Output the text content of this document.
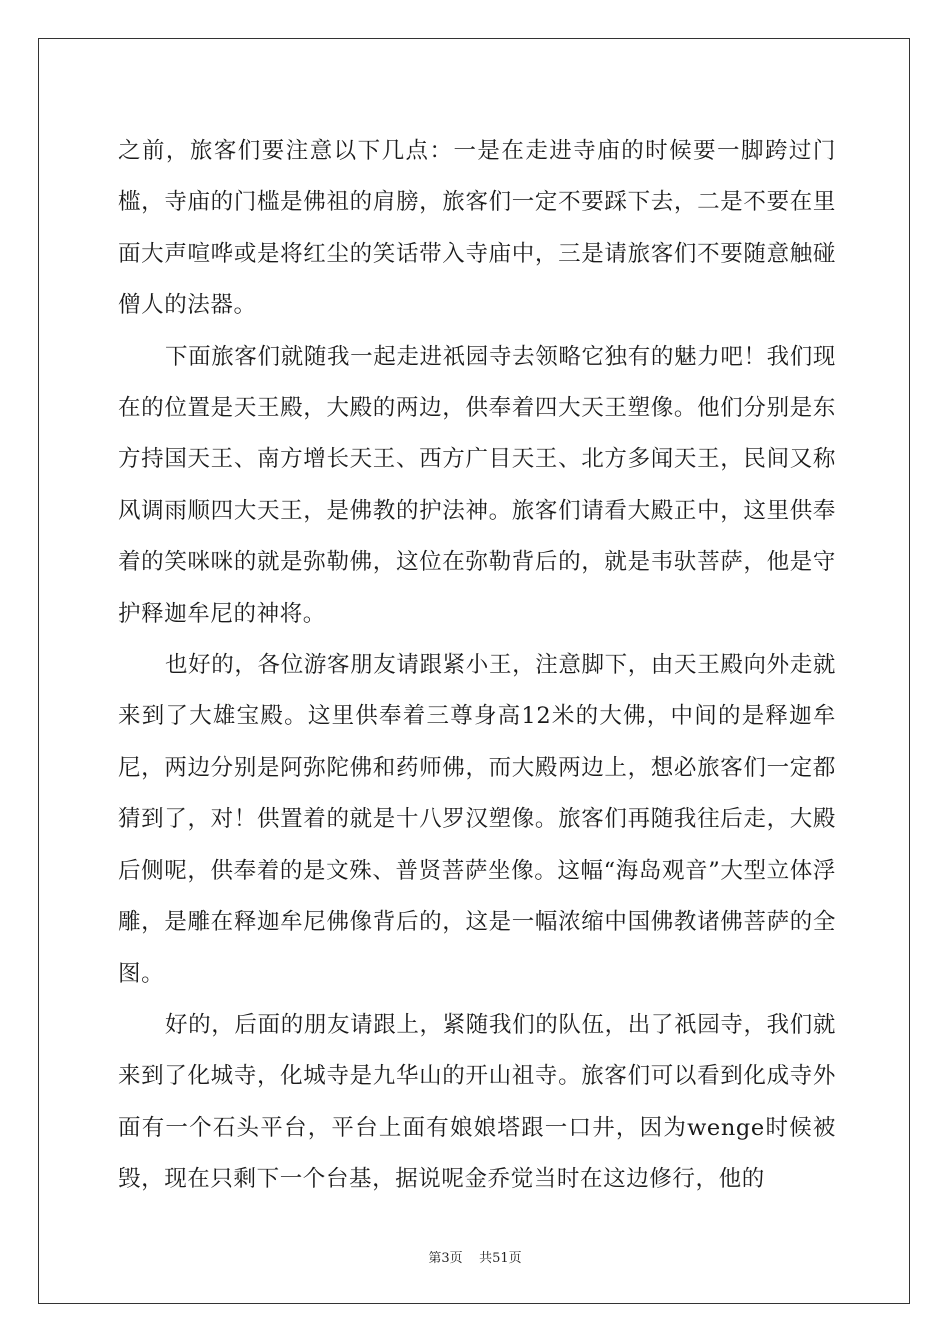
之前，旅客们要注意以下几点：一是在走进寺庙的时候要一脚跨过门槛，寺庙的门槛是佛祖的肩膀，旅客们一定不要踩下去，二是不要在里面大声喧哗或是将红尘的笑话带入寺庙中，三是请旅客们不要随意触碰僧人的法器。

下面旅客们就随我一起走进祇园寺去领略它独有的魅力吧！我们现在的位置是天王殿，大殿的两边，供奉着四大天王塑像。他们分别是东方持国天王、南方增长天王、西方广目天王、北方多闻天王，民间又称风调雨顺四大天王，是佛教的护法神。旅客们请看大殿正中，这里供奉着的笑咪咪的就是弥勒佛，这位在弥勒背后的，就是韦驮菩萨，他是守护释迦牟尼的神将。

也好的，各位游客朋友请跟紧小王，注意脚下，由天王殿向外走就来到了大雄宝殿。这里供奉着三尊身高12米的大佛，中间的是释迦牟尼，两边分别是阿弥陀佛和药师佛，而大殿两边上，想必旅客们一定都猜到了，对！供置着的就是十八罗汉塑像。旅客们再随我往后走，大殿后侧呢，供奉着的是文殊、普贤菩萨坐像。这幅“海岛观音”大型立体浮雕，是雕在释迦牟尼佛像背后的，这是一幅浓缩中国佛教诸佛菩萨的全图。

好的，后面的朋友请跟上，紧随我们的队伍，出了祇园寺，我们就来到了化城寺，化城寺是九华山的开山祖寺。旅客们可以看到化成寺外面有一个石头平台，平台上面有娘娘塔跟一口井，因为wenge时候被毁，现在只剩下一个台基，据说呢金乔觉当时在这边修行，他的

第3页    共51页
